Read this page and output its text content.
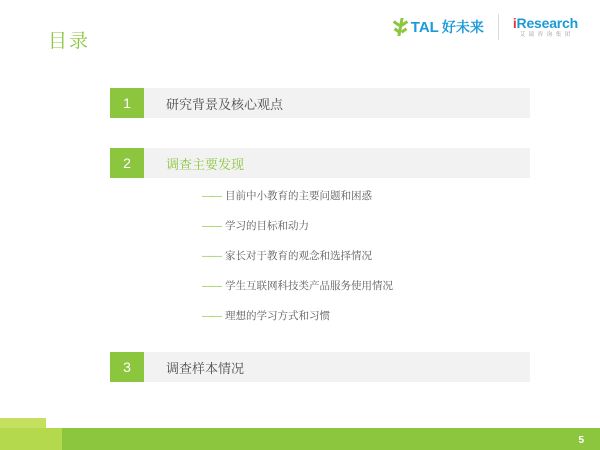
目录
TAL 好未来 iResearch
艾 瑞 咨 询 集 团
1	研究背景及核心观点
2	调查主要发现
—— 目前中小教育的主要问题和困惑
—— 学习的目标和动力
—— 家长对于教育的观念和选择情况
—— 学生互联网科技类产品服务使用情况
—— 理想的学习方式和习惯
3	调查样本情况
5
